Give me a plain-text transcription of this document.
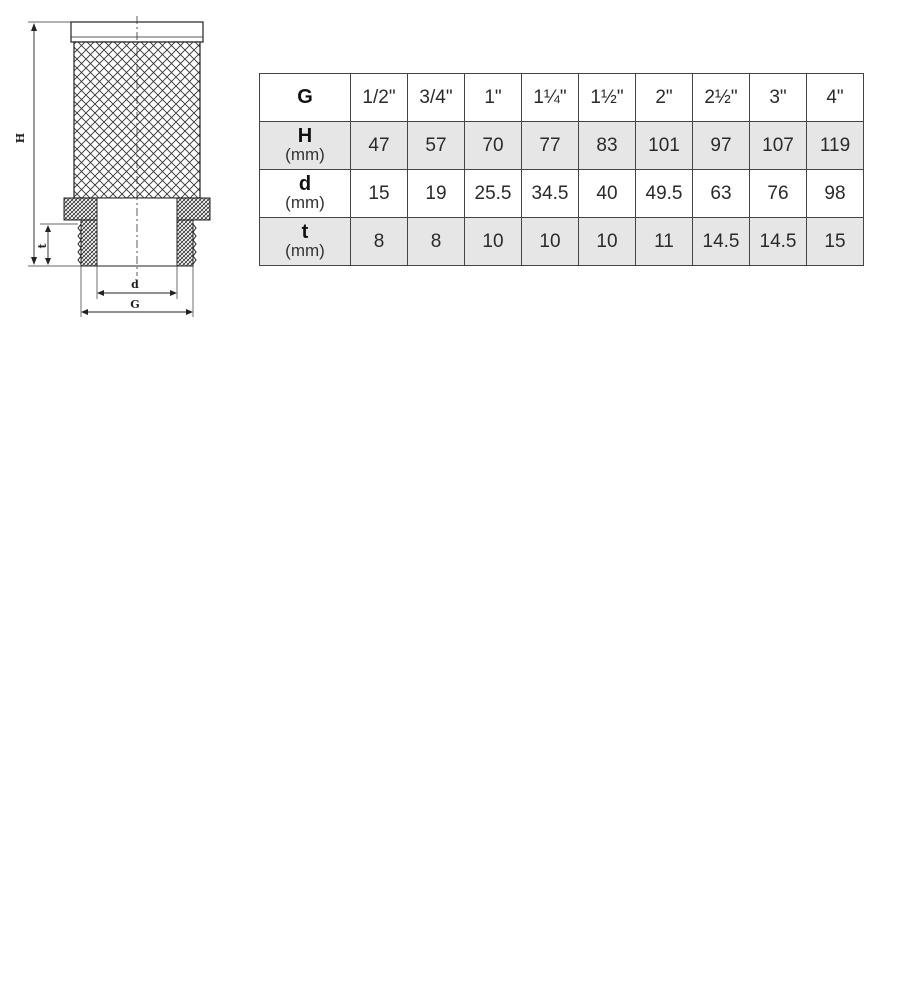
H
t
d
G
G	1/2"	3/4"	1"	1¼"	1½"	2"	2½"	3"	4"

H
(mm)	47	57	70	77	83	101	97	107	119

d
(mm)	15	19	25.5	34.5	40	49.5	63	76	98

t
(mm)	8	8	10	10	10	11	14.5	14.5	15
